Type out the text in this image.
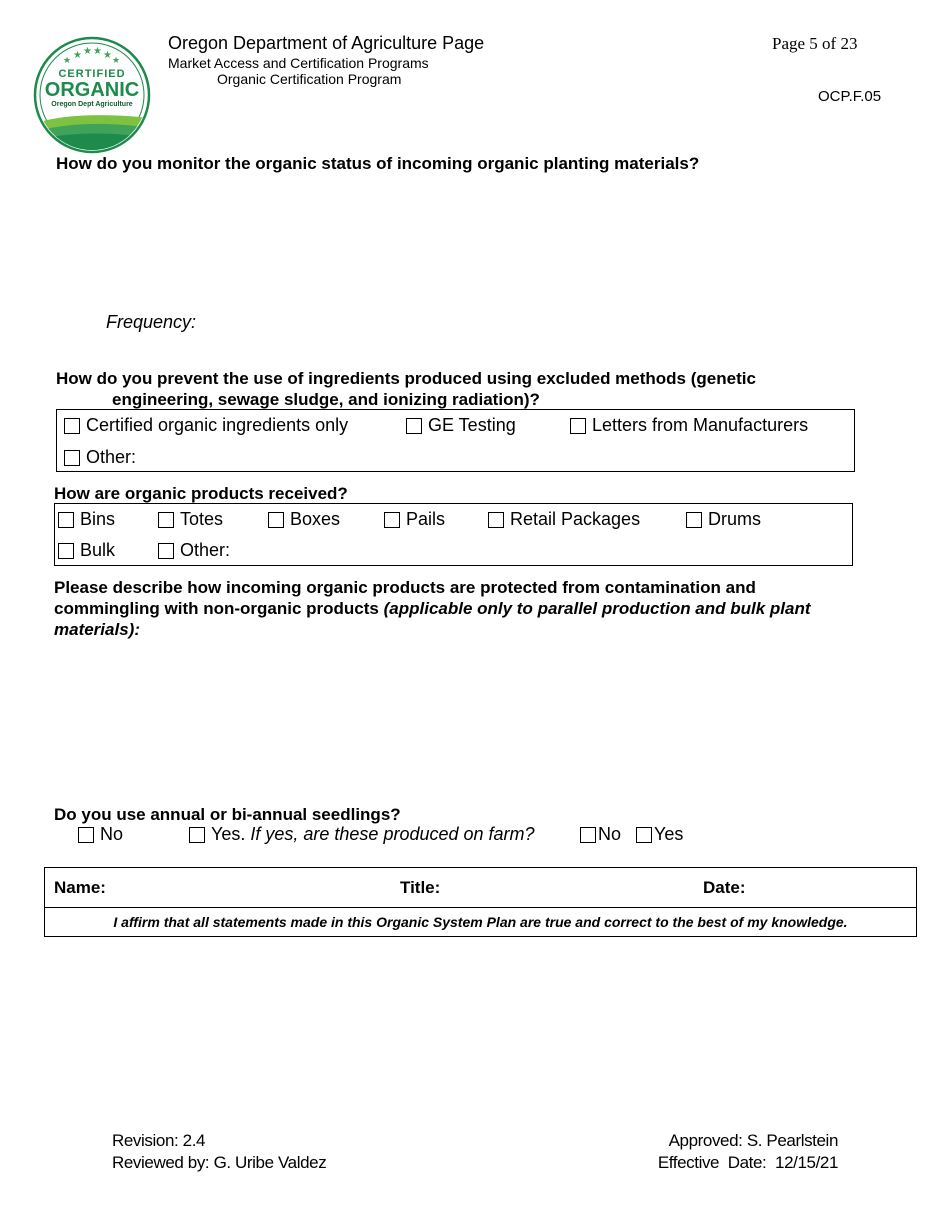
★ ★ ★ ★
★	★
CERTIFIED
ORGANIC
Oregon Dept Agriculture
Oregon Department of Agriculture Page
Market Access and Certification Programs
Organic Certification Program
Page 5 of 23
OCP.F.05
How do you monitor the organic status of incoming organic planting materials?
Frequency:
How do you prevent the use of ingredients produced using excluded methods (genetic
engineering, sewage sludge, and ionizing radiation)?
Certified organic ingredients only	GE Testing	Letters from Manufacturers
Other:
How are organic products received?
Bins	Totes	Boxes	Pails	Retail Packages	Drums
Bulk	Other:
Please describe how incoming organic products are protected from contamination and
commingling with non-organic products (applicable only to parallel production and bulk plant
materials):
Do you use annual or bi-annual seedlings?
No	Yes. If yes, are these produced on farm?	No Yes
Name:	Title:	Date:
I affirm that all statements made in this Organic System Plan are true and correct to the best of my knowledge.
Revision: 2.4
Reviewed by: G. Uribe Valdez
Approved: S. Pearlstein
Effective  Date:  12/15/21
